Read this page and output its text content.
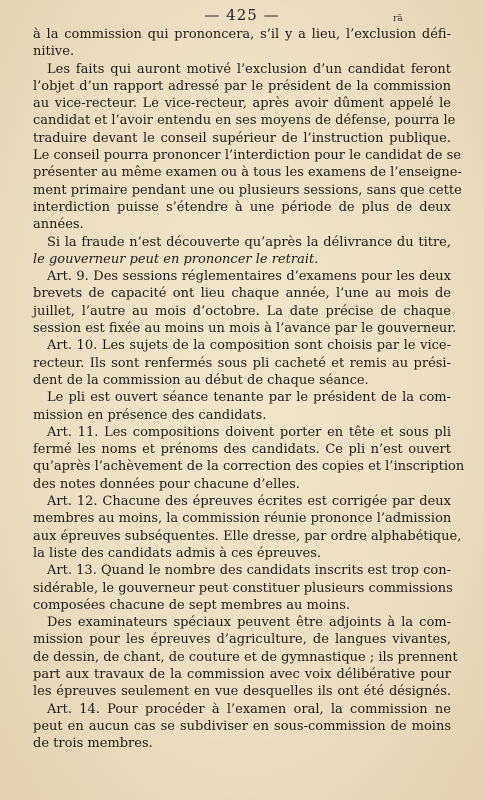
— 425 —	rā
à la commission qui prononcera, s’il y a lieu, l’exclusion défi-
nitive.
Les faits qui auront motivé l’exclusion d’un candidat feront
l’objet d’un rapport adressé par le président de la commission
au vice-recteur. Le vice-recteur, après avoir dûment appelé le
candidat et l’avoir entendu en ses moyens de défense, pourra le
traduire devant le conseil supérieur de l’instruction publique.
Le conseil pourra prononcer l’interdiction pour le candidat de se
présenter au même examen ou à tous les examens de l’enseigne-
ment primaire pendant une ou plusieurs sessions, sans que cette
interdiction puisse s’étendre à une période de plus de deux
années.
Si la fraude n’est découverte qu’après la délivrance du titre,
le gouverneur peut en prononcer le retrait.
Art. 9. Des sessions réglementaires d’examens pour les deux
brevets de capacité ont lieu chaque année, l’une au mois de
juillet, l’autre au mois d’octobre. La date précise de chaque
session est fixée au moins un mois à l’avance par le gouverneur.
Art. 10. Les sujets de la composition sont choisis par le vice-
recteur. Ils sont renfermés sous pli cacheté et remis au prési-
dent de la commission au début de chaque séance.
Le pli est ouvert séance tenante par le président de la com-
mission en présence des candidats.
Art. 11. Les compositions doivent porter en tête et sous pli
fermé les noms et prénoms des candidats. Ce pli n’est ouvert
qu’après l’achèvement de la correction des copies et l’inscription
des notes données pour chacune d’elles.
Art. 12. Chacune des épreuves écrites est corrigée par deux
membres au moins, la commission réunie prononce l’admission
aux épreuves subséquentes. Elle dresse, par ordre alphabétique,
la liste des candidats admis à ces épreuves.
Art. 13. Quand le nombre des candidats inscrits est trop con-
sidérable, le gouverneur peut constituer plusieurs commissions
composées chacune de sept membres au moins.
Des examinateurs spéciaux peuvent être adjoints à la com-
mission pour les épreuves d’agriculture, de langues vivantes,
de dessin, de chant, de couture et de gymnastique ; ils prennent
part aux travaux de la commission avec voix délibérative pour
les épreuves seulement en vue desquelles ils ont été désignés.
Art. 14. Pour procéder à l’examen oral, la commission ne
peut en aucun cas se subdiviser en sous-commission de moins
de trois membres.
